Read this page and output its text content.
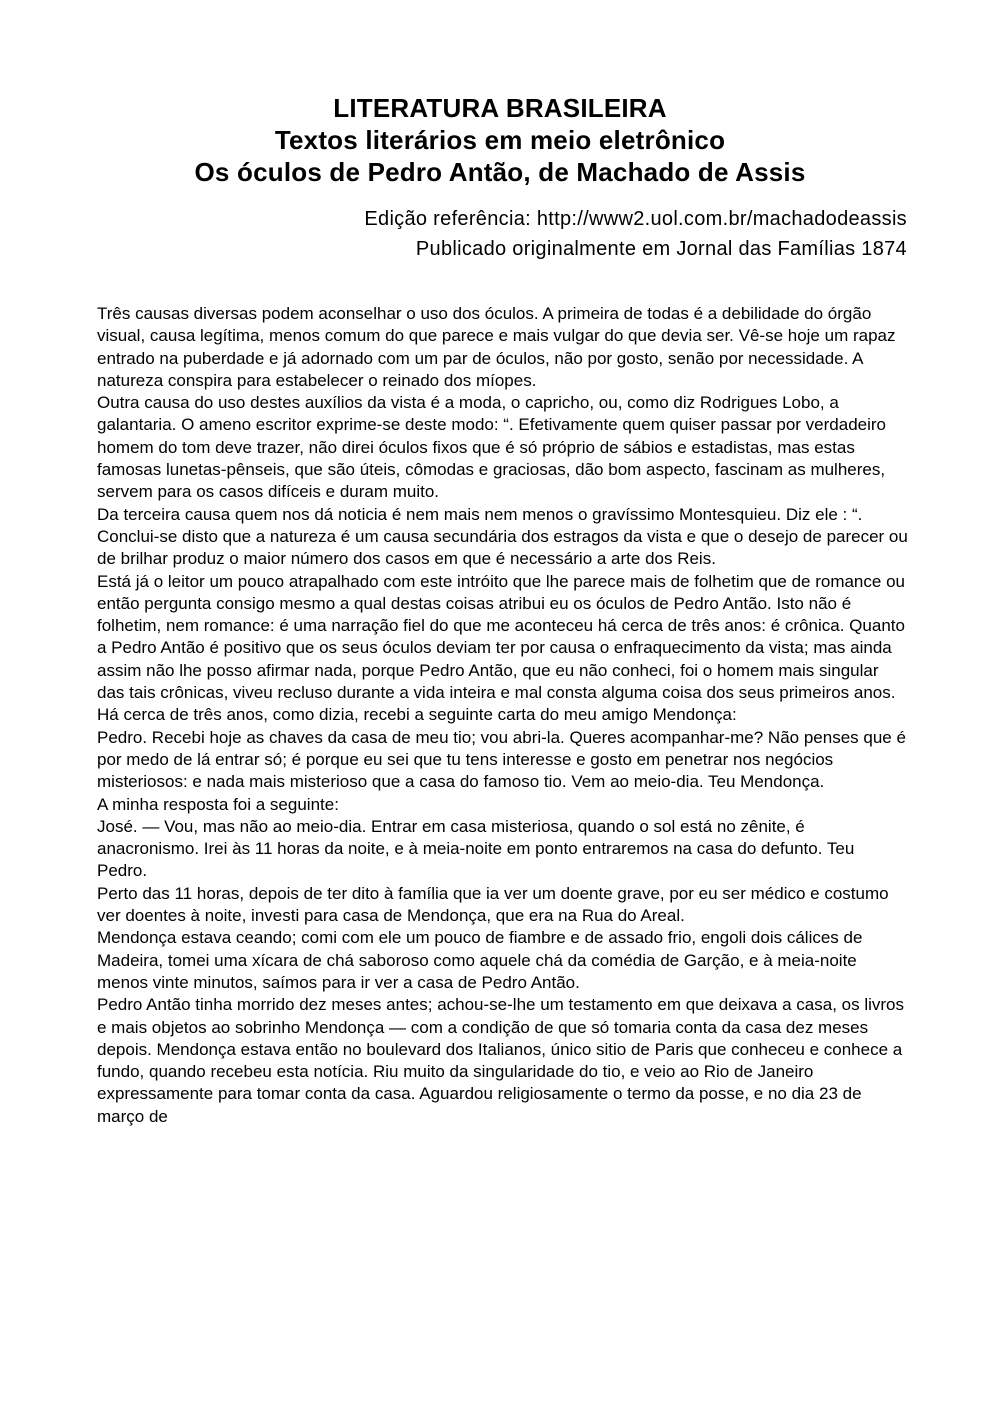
LITERATURA BRASILEIRA
Textos literários em meio eletrônico
Os óculos de Pedro Antão, de Machado de Assis
Edição referência: http://www2.uol.com.br/machadodeassis
Publicado originalmente em Jornal das Famílias 1874

Três causas diversas podem aconselhar o uso dos óculos. A primeira de todas é a debilidade do órgão visual, causa legítima, menos comum do que parece e mais vulgar do que devia ser. Vê-se hoje um rapaz entrado na puberdade e já adornado com um par de óculos, não por gosto, senão por necessidade. A natureza conspira para estabelecer o reinado dos míopes.

Outra causa do uso destes auxílios da vista é a moda, o capricho, ou, como diz Rodrigues Lobo, a galantaria. O ameno escritor exprime-se deste modo: “. Efetivamente quem quiser passar por verdadeiro homem do tom deve trazer, não direi óculos fixos que é só próprio de sábios e estadistas, mas estas famosas lunetas-pênseis, que são úteis, cômodas e graciosas, dão bom aspecto, fascinam as mulheres, servem para os casos difíceis e duram muito.

Da terceira causa quem nos dá noticia é nem mais nem menos o gravíssimo Montesquieu. Diz ele : “. Conclui-se disto que a natureza é um causa secundária dos estragos da vista e que o desejo de parecer ou de brilhar produz o maior número dos casos em que é necessário a arte dos Reis.

Está já o leitor um pouco atrapalhado com este intróito que lhe parece mais de folhetim que de romance ou então pergunta consigo mesmo a qual destas coisas atribui eu os óculos de Pedro Antão. Isto não é folhetim, nem romance: é uma narração fiel do que me aconteceu há cerca de três anos: é crônica. Quanto a Pedro Antão é positivo que os seus óculos deviam ter por causa o enfraquecimento da vista; mas ainda assim não lhe posso afirmar nada, porque Pedro Antão, que eu não conheci, foi o homem mais singular das tais crônicas, viveu recluso durante a vida inteira e mal consta alguma coisa dos seus primeiros anos.

Há cerca de três anos, como dizia, recebi a seguinte carta do meu amigo Mendonça:

Pedro. Recebi hoje as chaves da casa de meu tio; vou abri-la. Queres acompanhar-me? Não penses que é por medo de lá entrar só; é porque eu sei que tu tens interesse e gosto em penetrar nos negócios misteriosos: e nada mais misterioso que a casa do famoso tio. Vem ao meio-dia. Teu Mendonça.

A minha resposta foi a seguinte:

José. — Vou, mas não ao meio-dia. Entrar em casa misteriosa, quando o sol está no zênite, é anacronismo. Irei às 11 horas da noite, e à meia-noite em ponto entraremos na casa do defunto. Teu Pedro.

Perto das 11 horas, depois de ter dito à família que ia ver um doente grave, por eu ser médico e costumo ver doentes à noite, investi para casa de Mendonça, que era na Rua do Areal.

Mendonça estava ceando; comi com ele um pouco de fiambre e de assado frio, engoli dois cálices de Madeira, tomei uma xícara de chá saboroso como aquele chá da comédia de Garção, e à meia-noite menos vinte minutos, saímos para ir ver a casa de Pedro Antão.

Pedro Antão tinha morrido dez meses antes; achou-se-lhe um testamento em que deixava a casa, os livros e mais objetos ao sobrinho Mendonça — com a condição de que só tomaria conta da casa dez meses depois. Mendonça estava então no boulevard dos Italianos, único sitio de Paris que conheceu e conhece a fundo, quando recebeu esta notícia. Riu muito da singularidade do tio, e veio ao Rio de Janeiro expressamente para tomar conta da casa. Aguardou religiosamente o termo da posse, e no dia 23 de março de
